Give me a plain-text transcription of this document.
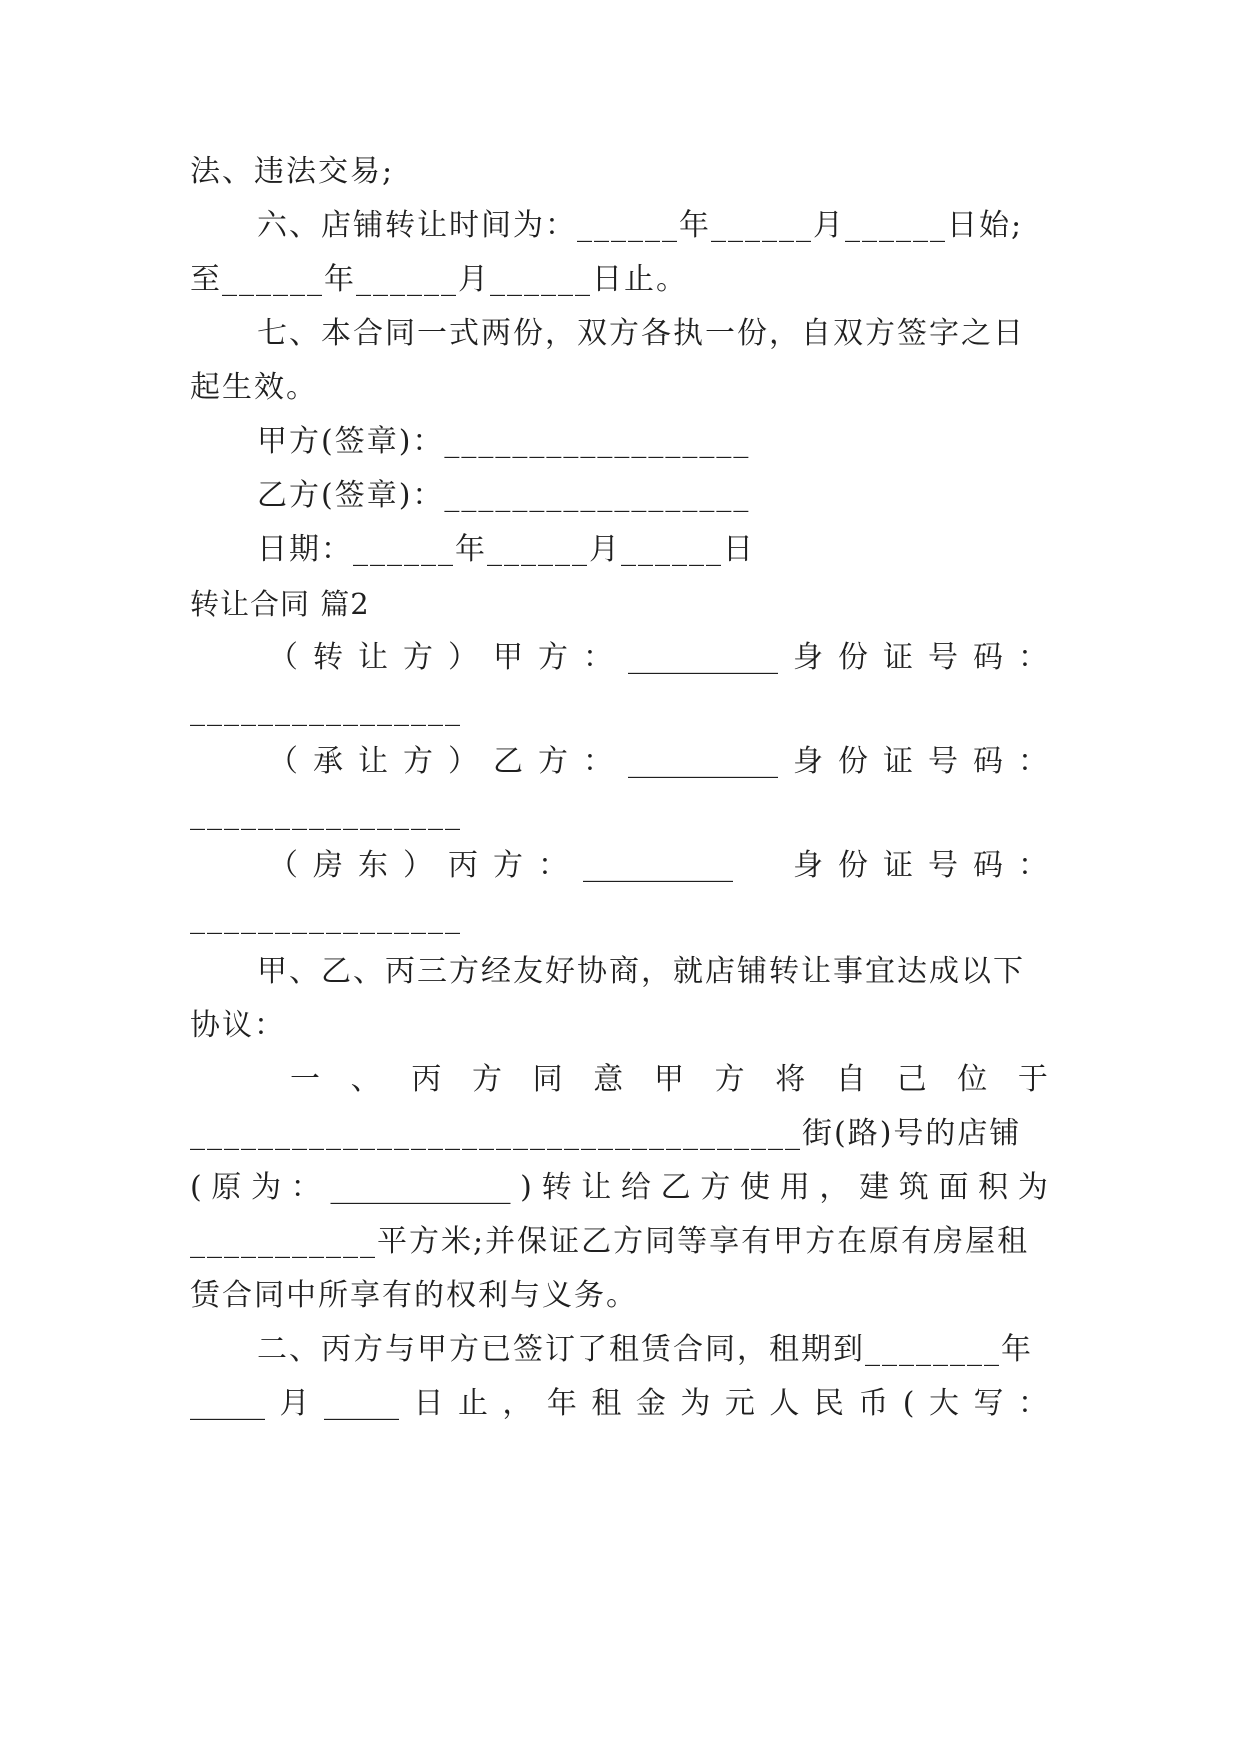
法、违法交易;
六、店铺转让时间为：______年______月______日始;
至______年______月______日止。
七、本合同一式两份，双方各执一份，自双方签字之日
起生效。
甲方(签章)：__________________
乙方(签章)：__________________
日期：______年______月______日
转让合同 篇2
（ 转 让 方 ） 甲 方 ： __________ 身 份 证 号 码 ：
________________
（ 承 让 方 ） 乙 方 ： __________ 身 份 证 号 码 ：
________________
（ 房 东 ） 丙 方 ： __________
　 身 份 证 号 码 ：
________________
甲、乙、丙三方经友好协商，就店铺转让事宜达成以下
协议：
一 、 丙 方 同 意 甲 方 将 自 己 位 于
____________________________________街(路)号的店铺
( 原 为 ： ____________ ) 转 让 给 乙 方 使 用 ， 建 筑 面 积 为
___________平方米;并保证乙方同等享有甲方在原有房屋租
赁合同中所享有的权利与义务。
二、丙方与甲方已签订了租赁合同，租期到________年
_____ 月 _____ 日 止 ， 年 租 金 为 元 人 民 币 ( 大 写 ：
